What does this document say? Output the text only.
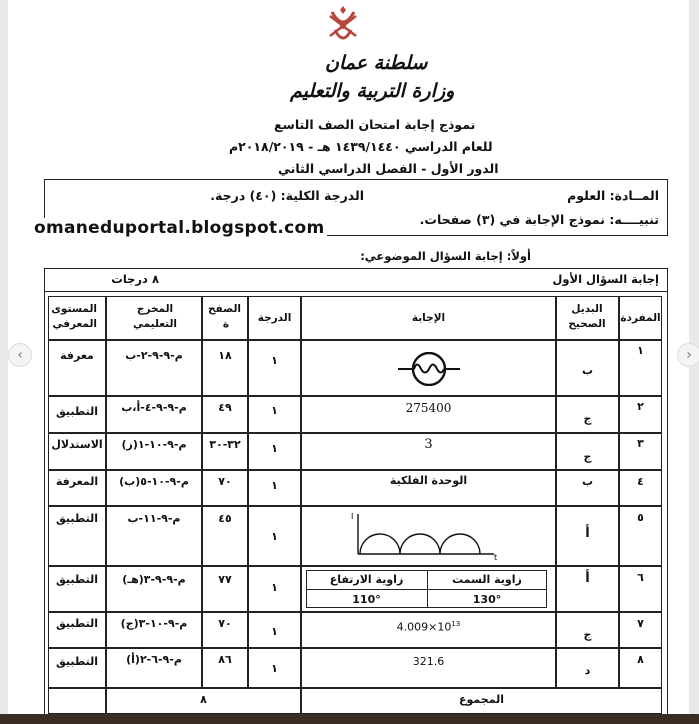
‹	›
سلطنة عمان
وزارة التربية والتعليم
نموذج إجابة امتحان الصف التاسع
للعام الدراسي ١٤٣٩/١٤٤٠ هـ - ٢٠١٨/٢٠١٩م
الدور الأول - الفصل الدراسي الثاني
المــادة: العلوم
الدرجة الكلية: (٤٠) درجة.
تنبيــــه: نموذج الإجابة في (٣) صفحات.
omaneduportal.blogspot.com
أولاً: إجابة السؤال الموضوعي:
إجابة السؤال الأول
٨ درجات
المفردة
البديل الصحيح
الإجابة
الدرجة
الصفح ة
المخرج التعليمي
المستوى المعرفي
١
ب
١
١٨
م-٩-٩-٢-ب
معرفة
٢
ج
275400
١
٤٩
م-٩-٩-٤-أ،ب
التطبيق
٣
ج
3
١
٣٢-٣٠
م-٩-١٠-١(ز)
الاستدلال
٤
ب
الوحدة الفلكية
١
٧٠
م-٩-١٠-٥(ب)
المعرفة
٥
أ
I
t
١
٤٥
م-٩-١١-ب
التطبيق
٦
أ
زاوية السمت
زاوية الارتفاع
130°
110°
١
٧٧
م-٩-٩-٣(هـ)
التطبيق
٧
ج
$4.009\times 10^{13}$
١
٧٠
م-٩-١٠-٣(ج)
التطبيق
٨
د
321.6
١
٨٦
م-٩-٦-٢(أ)
التطبيق
المجموع
٨
